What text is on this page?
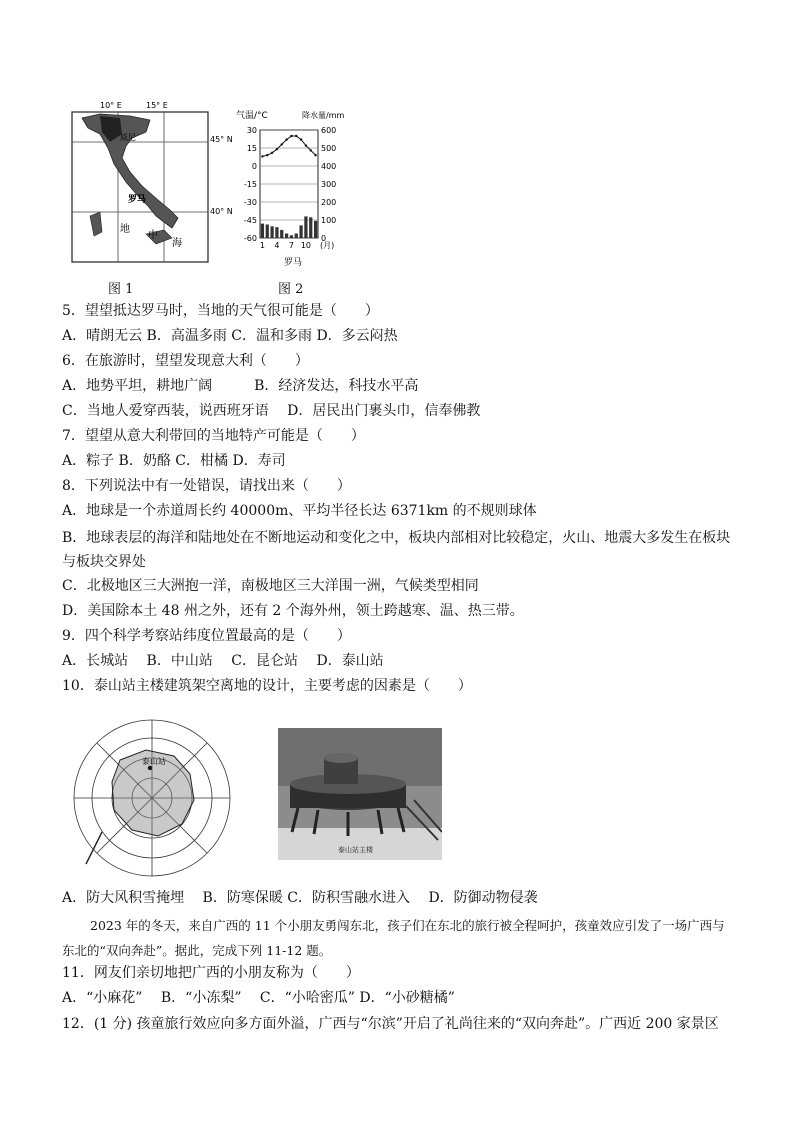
10° E	15° E
45° N
40° N
威尼
罗马
地
中
海
图 1
气温/°C	降水量/mm
30
15
0
-15
-30
-45
-60
600
500
400
300
200
100
0
1 4 7 10 (月)
罗马
图 2
5．望望抵达罗马时，当地的天气很可能是（　　）
A．晴朗无云 B．高温多雨 C．温和多雨 D．多云闷热
6．在旅游时，望望发现意大利（　　）
A．地势平坦，耕地广阔　　　B．经济发达，科技水平高
C．当地人爱穿西装，说西班牙语　 D．居民出门裹头巾，信奉佛教
7．望望从意大利带回的当地特产可能是（　　）
A．粽子 B．奶酪 C．柑橘 D．寿司
8．下列说法中有一处错误，请找出来（　　）
A．地球是一个赤道周长约 40000m、平均半径长达 6371km 的不规则球体
B．地球表层的海洋和陆地处在不断地运动和变化之中，板块内部相对比较稳定，火山、地震大多发生在板块与板块交界处
C．北极地区三大洲抱一洋，南极地区三大洋围一洲，气候类型相同
D．美国除本土 48 州之外，还有 2 个海外州，领土跨越寒、温、热三带。
9．四个科学考察站纬度位置最高的是（　　）
A．长城站　 B．中山站　 C．昆仑站　 D．泰山站
10．泰山站主楼建筑架空离地的设计，主要考虑的因素是（　　）
泰山站
泰山站主楼
A．防大风积雪掩埋　 B．防寒保暖 C．防积雪融水进入　 D．防御动物侵袭
2023 年的冬天，来自广西的 11 个小朋友勇闯东北，孩子们在东北的旅行被全程呵护，孩童效应引发了一场广西与东北的“双向奔赴”。据此，完成下列 11-12 题。
11．网友们亲切地把广西的小朋友称为（　　）
A．“小麻花”　 B．“小冻梨”　 C．“小哈密瓜” D．“小砂糖橘”
12．(1 分) 孩童旅行效应向多方面外溢，广西与“尔滨”开启了礼尚往来的“双向奔赴”。广西近 200 家景区
